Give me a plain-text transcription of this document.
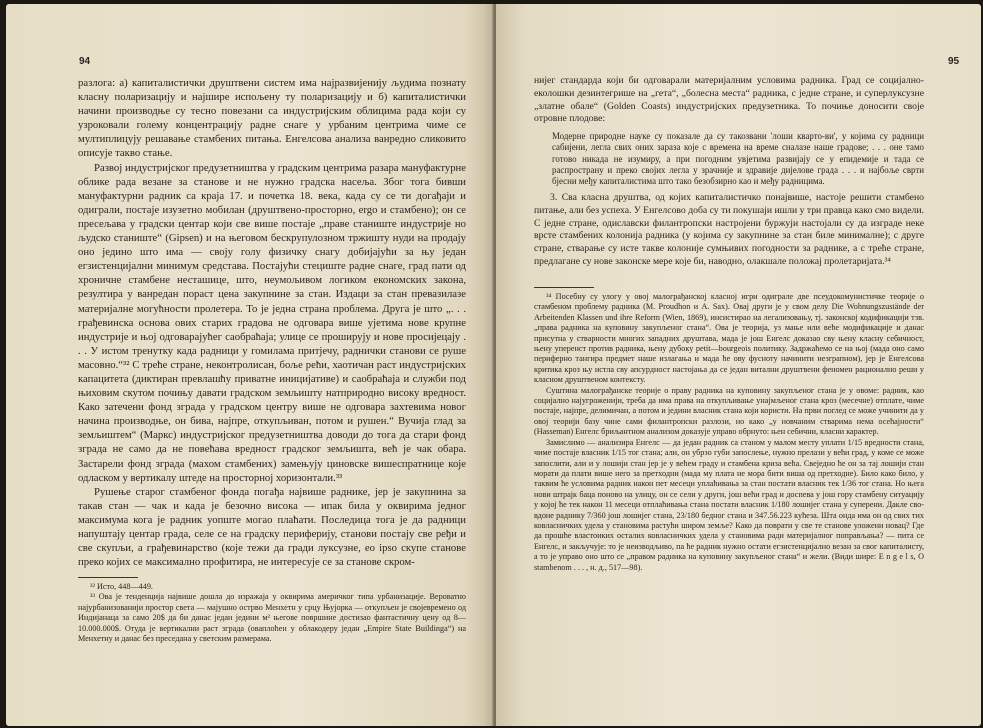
94

разлога: а) капиталистички друштвени систем има најразвијенију људима познату класну поларизацију и најшире испољену ту поларизацију и б) капиталистички начини производње су тесно повезани са индустријским облицима рада који су узроковали голему концентрацију радне снаге у урбаним центрима чиме се мултиплицују решавање стамбених питања. Енгелсова анализа ванредно сликовито описује такво стање.

Развој индустријског предузетништва у градским центрима разара мануфактурне облике рада везане за станове и не нужно градска насеља. Због тога бивши мануфактурни радник са краја 17. и почетка 18. века, када су се ти догађаји и одиграли, постаје изузетно мобилан (друштвено-просторно, ergo и стамбено); он се пресељава у градски центар који све више постаје „праве станиште индустрије но људско станиште“ (Gipsen) и на његовом бескрупулозном тржишту нуди на продају оно једино што има — своју голу физичку снагу добијајући за њу један егзистенцијални минимум средстава. Постајући стециште радне снаге, град пати од хроничне стамбене несташице, што, неумољивом логиком економских закона, резултира у ванредан пораст цена закупнине за стан. Издаци за стан превазилазе материјалне могућности пролетера. То је једна страна проблема. Друга је што „. . . грађевинска основа ових старих градова не одговара више ујетима нове крупне индустрије и њој одговарајућег саобраћаја; улице се проширују и нове просијецају . . . У истом тренутку када радници у гомилама притјечу, раднички станови се руше масовно.“³² С треће стране, неконтролисан, боље рећи, хаотичан раст индустријских капацитета (диктиран превлашћу приватне иницијативе) и саобраћаја и служби под њиховим скутом почињу давати градском земљишту натприродно високу вредност. Како затечени фонд зграда у градском центру више не одговара захтевима новог начина производње, он бива, најпре, откупљиван, потом и рушен.“ Вучија глад за земљиштем“ (Маркс) индустријског предузетништва доводи до тога да стари фонд зграда не само да не повећава вредност градског земљишта, већ је чак обара. Застарели фонд зграда (махом стамбених) замењују циновске вишеспратнице које одласком у вертикалу штеде на просторној хоризонтали.³³

Рушење старог стамбеног фонда погађа највише раднике, јер је закупнина за такав стан — чак и када је безочно висока — ипак била у оквирима једног максимума кога је радник уопште могао плаћати. Последица тога је да радници напуштају центар града, селе се на градску периферију, станови постају све ређи и све скупљи, а грађевинарство (које тежи да гради луксузне, ео ipso скупе станове преко којих се максимално профитира, не интересује се за станове скром-

³² Исто, 448—449.

³³ Ова је тенденција највише дошла до изражаја у оквирима америчког типа урбанизације. Вероватно најурбанизованији простор света — мајушно острво Менхетн у срцу Њујорка — откупљен је својевремено од Индијанаца за само 20$ да би данас један једини м² његове површине достизао фантастичну цену од 8—10.000.000$. Отуда је вертикални раст зграда (оваплоћен у облакодеру један „Empire State Buildinga“) на Менхетну и данас без преседана у светским размерама.

95

нијег стандарда који би одговарали материјалним условима радника. Град се социјално-еколошки дезинтегрише на „гета“, „болесна места“ радника, с једне стране, и суперлуксузне „златне обале“ (Golden Coasts) индустријских предузетника. То почиње доносити своје отровне плодове:

Модерне природне науке су показале да су такозвани 'лоши кварто-ви', у којима су радници сабијени, легла свих оних зараза које с времена на време сналазе наше градове; . . . оне тамо готово никада не изумиру, а при погодним увјетима развијају се у епидемије и тада се распространу и преко својих легла у зрачније и здравије дијелове града . . . и најбоље сврти бјесни међу капиталистима што тако безобзирно као и међу радницима.

3. Сва класна друштва, од којих капиталистичко понајвише, настоје решити стамбено питање, али без успеха. У Енгелсово доба су ти покушаји ишли у три правца како смо видели. С једне стране, одиславски филантропски настројени буржуји настојали су да изграде неке врсте стамбених колонија радника (у којима су закупнине за стан биле минималне); с друге стране, стварање су исте такве колоније сумњивих погодности за раднике, а с треће стране, предлагане су нове законске мере које би, наводно, олакшале положај пролетаријата.³⁴

³⁴ Посебну су улогу у овој малограђанској класној игри одиграле две псеудокомунистичке теорије о стамбеном проблему радника (М. Proudhon и А. Sax). Овај други је у свом делу Die Wohnungszustände der Arbeitenden Klassen und ihre Reform (Wien, 1869), инсистирао на легализовању, тј. законској кодификацији тзв. „права радника на куповину закупљеног стана“. Ова је теорија, уз мање или веће модификације и данас присутна у стварности многих западних друштава, мада је још Енгелс доказао сву њену класну себичност, њену уперенст против радника, њену дубоку petit—bourgeois политику. Задржаћемо се на њој (мада оно само периферно тангира предмет наше излагања и мада ће ову фусноту начинити незграпном), јер је Енгелсова критика кроз њу истла сву апсурдност настојања да се један витални друштвени феномен рационално реши у класном друштвеном контексту.

Суштина малограђанске теорије о праву радника на куповину закупљеног стана је у овоме: радник, као социјално најугроженији, треба да има права на откупљивање унајмљеног стана кроз (месечне) отплате, чиме постаје, најпре, делимичан, а потом и једини власник стана који користи. На први поглед се може учинити да у овој теорији бaзу чине сами филантропски разлози, но како „у новчаним стварима нема осећајности“ (Hasseman) Енгелс бриљантном анализом доказује управо обрнуто: њен себични, класни карактер.

Замислимо — анализира Енгелс — да један радник са станом у малом месту уплати 1/15 вредности стана, чиме постаје власник 1/15 тог стана; али, он убрзо губи запослење, нужно прелази у већи град, у коме се може запослити, али и у лошији стан јер је у већем граду и стамбена криза већа. Свеједно ће он за тај лошији стан морати да плати више него за претходни (мада му плата не мора бити виша од претходне). Било како било, у таквим ће условима радник након пет месеци уплаћивања за стан постати власник тек 1/36 тог стана. Но њега нови штрајк баца поново на улицу, он се сели у други, још већи град и доспева у још гору стамбену ситуацију у којој ће тек након 11 месеци отплаћивања стана постати власник 1/180 лошијег стана у суперени. Дакле сво-вдоне раднику 7/360 још лошијег стана, 23/180 бедног стана и 347.56.223 кућеза. Шта онда има он од свих тих ковласничких удела у становима растући широм земље? Како да поврати у све те станове уложени новац? Где да прошће властоиких осталих ковласничких удела у становима ради материјалног поправљања? — пита се Енгелс, и закључује: то је неизводљиво, па ће радник нужно остати егзистенцијално везан за свог капиталисту, а то је управо оно што се „правом радника на куповину закупљеног стана“ и жели. (Види шире: Е n g e l s, O stambenom . . . , н. д., 517—98).
